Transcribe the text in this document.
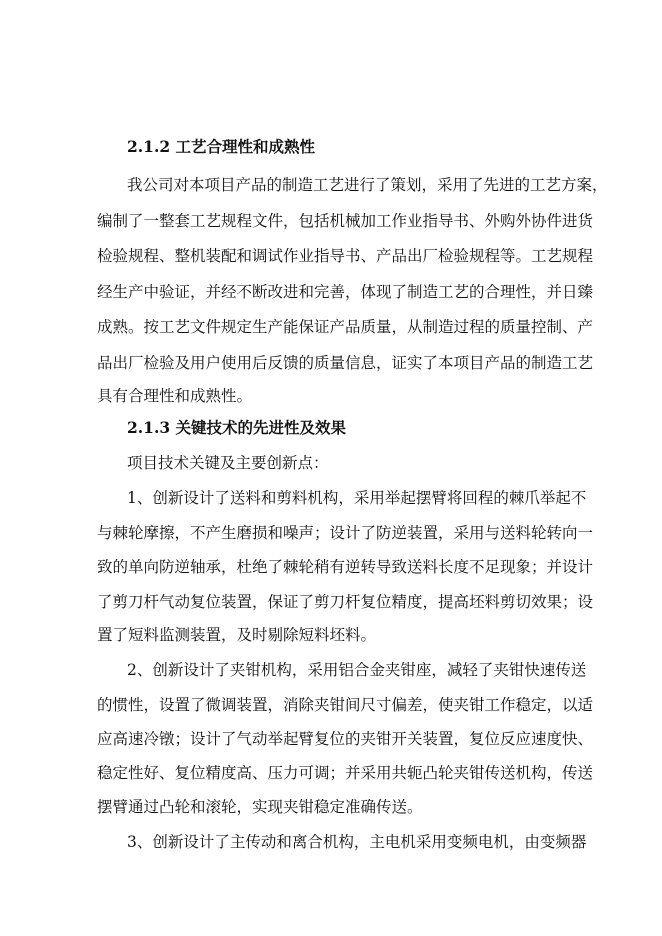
2.1.2 工艺合理性和成熟性
我公司对本项目产品的制造工艺进行了策划，采用了先进的工艺方案，
编制了一整套工艺规程文件，包括机械加工作业指导书、外购外协件进货
检验规程、整机装配和调试作业指导书、产品出厂检验规程等。工艺规程
经生产中验证，并经不断改进和完善，体现了制造工艺的合理性，并日臻
成熟。按工艺文件规定生产能保证产品质量，从制造过程的质量控制、产
品出厂检验及用户使用后反馈的质量信息，证实了本项目产品的制造工艺
具有合理性和成熟性。
2.1.3 关键技术的先进性及效果
项目技术关键及主要创新点：
1、创新设计了送料和剪料机构，采用举起摆臂将回程的棘爪举起不
与棘轮摩擦，不产生磨损和噪声；设计了防逆装置，采用与送料轮转向一
致的单向防逆轴承，杜绝了棘轮稍有逆转导致送料长度不足现象；并设计
了剪刀杆气动复位装置，保证了剪刀杆复位精度，提高坯料剪切效果；设
置了短料监测装置，及时剔除短料坯料。
2、创新设计了夹钳机构，采用铝合金夹钳座，减轻了夹钳快速传送
的惯性，设置了微调装置，消除夹钳间尺寸偏差，使夹钳工作稳定，以适
应高速冷镦；设计了气动举起臂复位的夹钳开关装置，复位反应速度快、
稳定性好、复位精度高、压力可调；并采用共轭凸轮夹钳传送机构，传送
摆臂通过凸轮和滚轮，实现夹钳稳定准确传送。
3、创新设计了主传动和离合机构，主电机采用变频电机，由变频器
